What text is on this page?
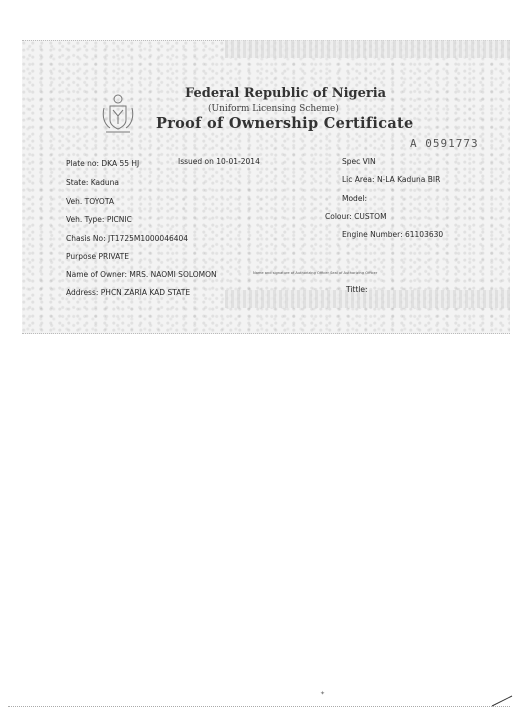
Federal Republic of Nigeria
(Uniform Licensing Scheme)
Proof of Ownership Certificate
A 0591773
Plate no: DKA 55 HJ	Issued on 10-01-2014	Spec VIN
State: Kaduna	Lic Area: N-LA Kaduna BIR
Veh. TOYOTA	Model:
Veh. Type: PICNIC	Colour: CUSTOM
Chasis No: JT1725M1000046404	Engine Number: 61103630
Purpose PRIVATE
Name of Owner: MRS. NAOMI SOLOMON	Name and signature of Authorizing Officer Seal of Authorizing Officer
Address: PHCN ZARIA KAD STATE	Tittle:
✦
